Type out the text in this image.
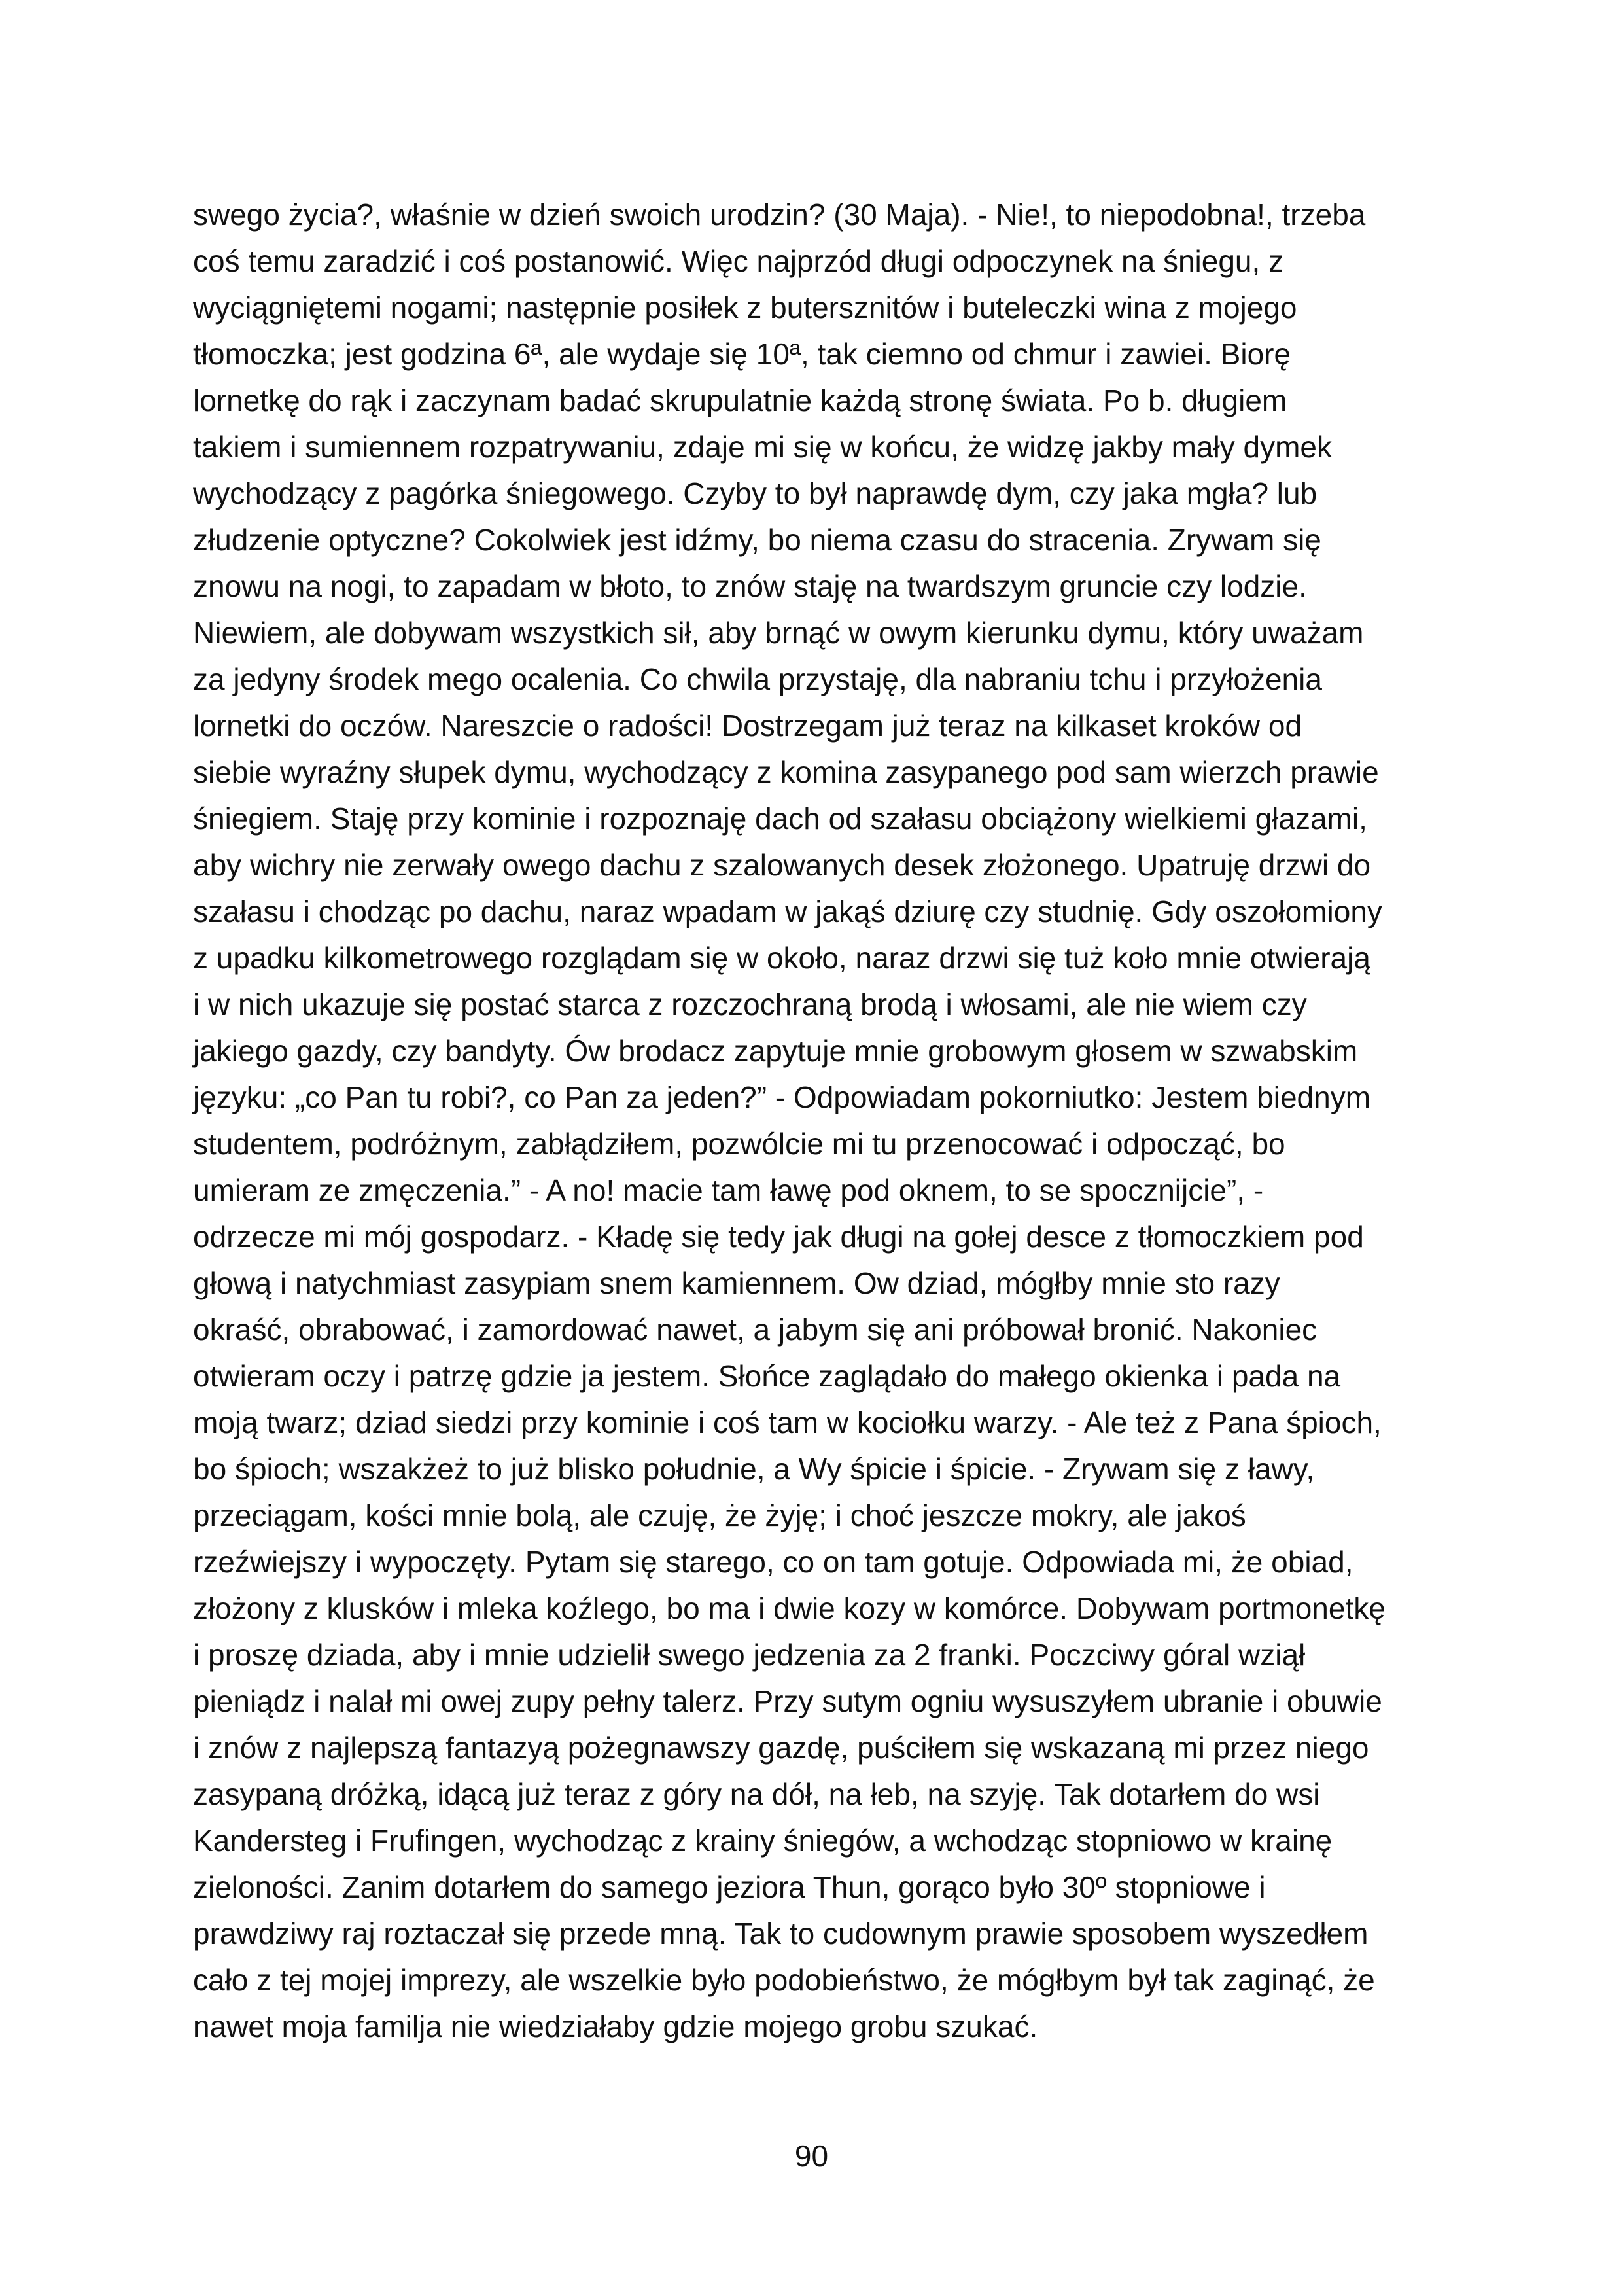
swego życia?, właśnie w dzień swoich urodzin? (30 Maja). - Nie!, to niepodobna!, trzeba
coś temu zaradzić i coś postanowić. Więc najprzód długi odpoczynek na śniegu, z
wyciągniętemi nogami; następnie posiłek z butersznitów i buteleczki wina z mojego
tłomoczka; jest godzina 6ª, ale wydaje się 10ª, tak ciemno od chmur i zawiei. Biorę
lornetkę do rąk i zaczynam badać skrupulatnie każdą stronę świata. Po b. długiem
takiem i sumiennem rozpatrywaniu, zdaje mi się w końcu, że widzę jakby mały dymek
wychodzący z pagórka śniegowego. Czyby to był naprawdę dym, czy jaka mgła? lub
złudzenie optyczne? Cokolwiek jest idźmy, bo niema czasu do stracenia. Zrywam się
znowu na nogi, to zapadam w błoto, to znów staję na twardszym gruncie czy lodzie.
Niewiem, ale dobywam wszystkich sił, aby brnąć w owym kierunku dymu, który uważam
za jedyny środek mego ocalenia. Co chwila przystaję, dla nabraniu tchu i przyłożenia
lornetki do oczów. Nareszcie o radości! Dostrzegam już teraz na kilkaset kroków od
siebie wyraźny słupek dymu, wychodzący z komina zasypanego pod sam wierzch prawie
śniegiem. Staję przy kominie i rozpoznaję dach od szałasu obciążony wielkiemi głazami,
aby wichry nie zerwały owego dachu z szalowanych desek złożonego. Upatruję drzwi do
szałasu i chodząc po dachu, naraz wpadam w jakąś dziurę czy studnię. Gdy oszołomiony
z upadku kilkometrowego rozglądam się w około, naraz drzwi się tuż koło mnie otwierają
i w nich ukazuje się postać starca z rozczochraną brodą i włosami, ale nie wiem czy
jakiego gazdy, czy bandyty. Ów brodacz zapytuje mnie grobowym głosem w szwabskim
języku: „co Pan tu robi?, co Pan za jeden?” - Odpowiadam pokorniutko: Jestem biednym
studentem, podróżnym, zabłądziłem, pozwólcie mi tu przenocować i odpocząć, bo
umieram ze zmęczenia.” - A no! macie tam ławę pod oknem, to se spocznijcie”, -
odrzecze mi mój gospodarz. - Kładę się tedy jak długi na gołej desce z tłomoczkiem pod
głową i natychmiast zasypiam snem kamiennem. Ow dziad, mógłby mnie sto razy
okraść, obrabować, i zamordować nawet, a jabym się ani próbował bronić. Nakoniec
otwieram oczy i patrzę gdzie ja jestem. Słońce zaglądało do małego okienka i pada na
moją twarz; dziad siedzi przy kominie i coś tam w kociołku warzy. - Ale też z Pana śpioch,
bo śpioch; wszakżeż to już blisko południe, a Wy śpicie i śpicie. - Zrywam się z ławy,
przeciągam, kości mnie bolą, ale czuję, że żyję; i choć jeszcze mokry, ale jakoś
rzeźwiejszy i wypoczęty. Pytam się starego, co on tam gotuje. Odpowiada mi, że obiad,
złożony z klusków i mleka koźlego, bo ma i dwie kozy w komórce. Dobywam portmonetkę
i proszę dziada, aby i mnie udzielił swego jedzenia za 2 franki. Poczciwy góral wziął
pieniądz i nalał mi owej zupy pełny talerz. Przy sutym ogniu wysuszyłem ubranie i obuwie
i znów z najlepszą fantazyą pożegnawszy gazdę, puściłem się wskazaną mi przez niego
zasypaną dróżką, idącą już teraz z góry na dół, na łeb, na szyję. Tak dotarłem do wsi
Kandersteg i Frufingen, wychodząc z krainy śniegów, a wchodząc stopniowo w krainę
zieloności. Zanim dotarłem do samego jeziora Thun, gorąco było 30º stopniowe i
prawdziwy raj roztaczał się przede mną. Tak to cudownym prawie sposobem wyszedłem
cało z tej mojej imprezy, ale wszelkie było podobieństwo, że mógłbym był tak zaginąć, że
nawet moja familja nie wiedziałaby gdzie mojego grobu szukać.
90
